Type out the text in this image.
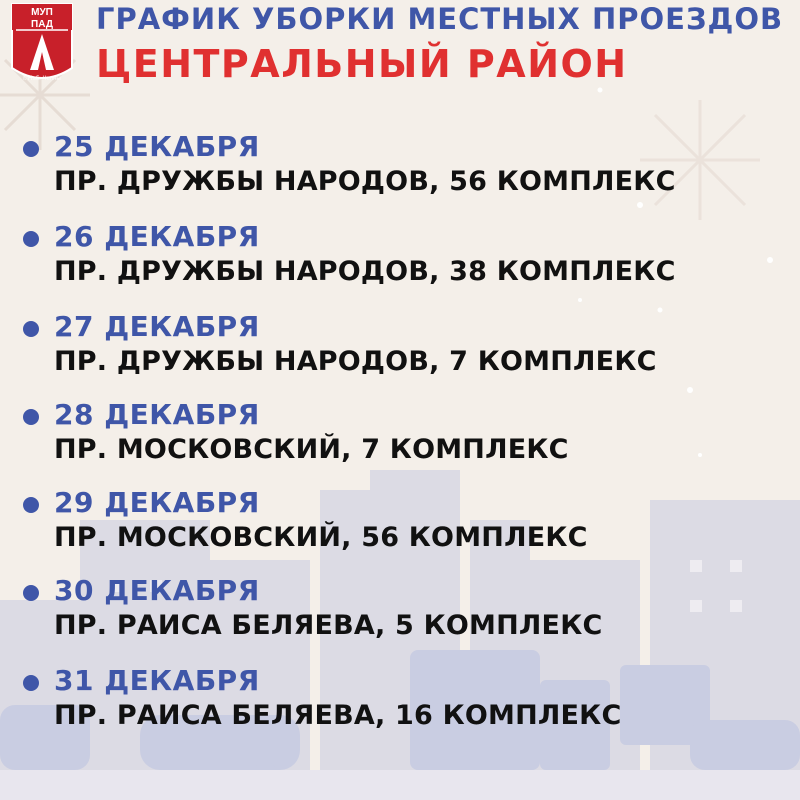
МУП
ПАД
г. Наб. Челны
ГРАФИК УБОРКИ МЕСТНЫХ ПРОЕЗДОВ
ЦЕНТРАЛЬНЫЙ РАЙОН
25 ДЕКАБРЯ
ПР. ДРУЖБЫ НАРОДОВ, 56 КОМПЛЕКС
26 ДЕКАБРЯ
ПР. ДРУЖБЫ НАРОДОВ, 38 КОМПЛЕКС
27 ДЕКАБРЯ
ПР. ДРУЖБЫ НАРОДОВ, 7 КОМПЛЕКС
28 ДЕКАБРЯ
ПР. МОСКОВСКИЙ, 7 КОМПЛЕКС
29 ДЕКАБРЯ
ПР. МОСКОВСКИЙ, 56 КОМПЛЕКС
30 ДЕКАБРЯ
ПР. РАИСА БЕЛЯЕВА, 5 КОМПЛЕКС
31 ДЕКАБРЯ
ПР. РАИСА БЕЛЯЕВА, 16 КОМПЛЕКС
